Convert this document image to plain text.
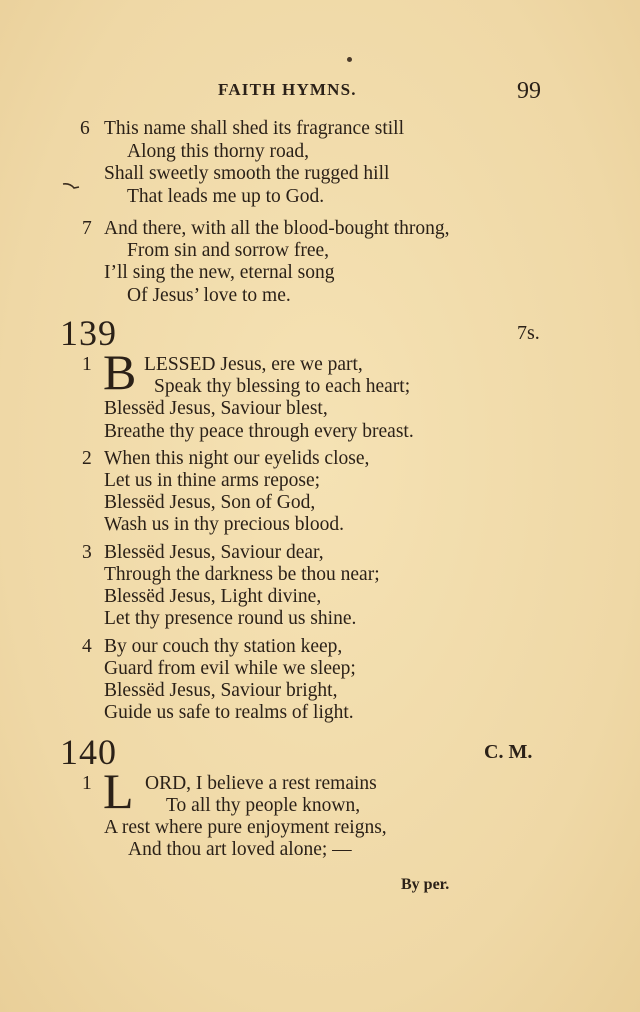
FAITH HYMNS.	99
6 This name shall shed its fragrance still
Along this thorny road,
Shall sweetly smooth the rugged hill
That leads me up to God.
7 And there, with all the blood-bought throng,
From sin and sorrow free,
I’ll sing the new, eternal song
Of Jesus’ love to me.
139	7s.
1 B LESSED Jesus, ere we part,
Speak thy blessing to each heart;
Blessëd Jesus, Saviour blest,
Breathe thy peace through every breast.
2 When this night our eyelids close,
Let us in thine arms repose;
Blessëd Jesus, Son of God,
Wash us in thy precious blood.
3 Blessëd Jesus, Saviour dear,
Through the darkness be thou near;
Blessëd Jesus, Light divine,
Let thy presence round us shine.
4 By our couch thy station keep,
Guard from evil while we sleep;
Blessëd Jesus, Saviour bright,
Guide us safe to realms of light.
140	C. M.
1 L ORD, I believe a rest remains
To all thy people known,
A rest where pure enjoyment reigns,
And thou art loved alone; —
By per.
